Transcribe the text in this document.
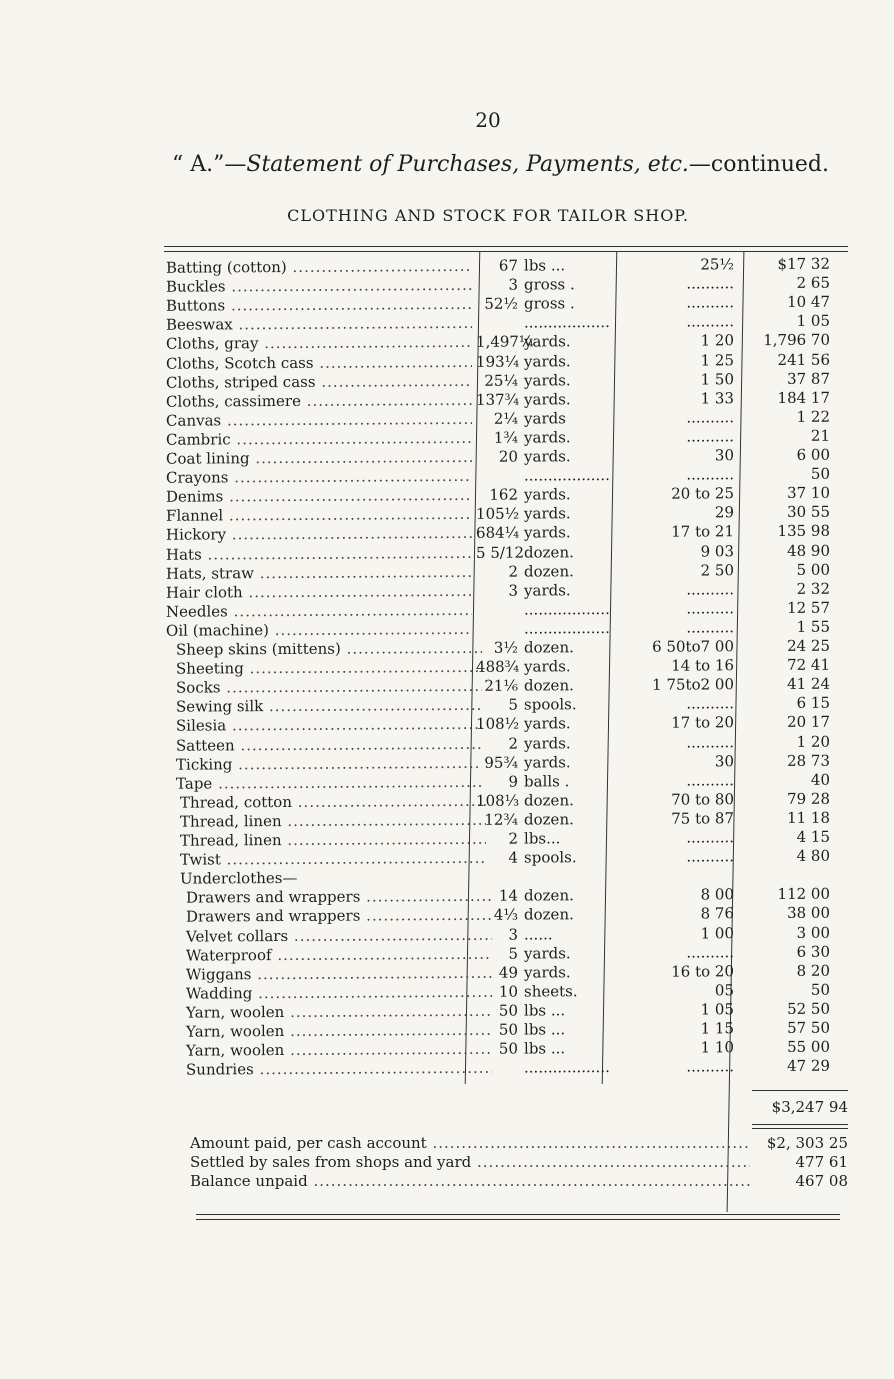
20
“ A.”—Statement of Purchases, Payments, etc.—continued.
CLOTHING AND STOCK FOR TAILOR SHOP.
Batting (cotton) .....	67 lbs ...	25½	$17 32
Buckles .....	3 gross .	..........	2 65
Buttons .....	52½ gross .	..........	10 47
Beeswax .....	..................	..........	1 05
Cloths, gray .....	1,497¼yards.	1 20	1,796 70
Cloths, Scotch cass .....	193¼ yards.	1 25	241 56
Cloths, striped cass .....	25¼ yards.	1 50	37 87
Cloths, cassimere .....	137¾ yards.	1 33	184 17
Canvas .....	2¼ yards	..........	1 22
Cambric .....	1¾ yards.	..........	21
Coat lining .....	20 yards.	30	6 00
Crayons .....	..................	..........	50
Denims .....	162 yards.	20 to 25	37 10
Flannel .....	105½ yards.	29	30 55
Hickory .....	684¼ yards.	17 to 21	135 98
Hats .....	5 5/12dozen.	9 03	48 90
Hats, straw .....	2 dozen.	2 50	5 00
Hair cloth .....	3 yards.	..........	2 32
Needles .....	..................	..........	12 57
Oil (machine) .....	..................	..........	1 55
Sheep skins (mittens) .....	3½ dozen.	6 50to7 00	24 25
Sheeting .....	488¾ yards.	14 to 16	72 41
Socks .....	21⅙ dozen.	1 75to2 00	41 24
Sewing silk .....	5 spools.	..........	6 15
Silesia .....	108½ yards.	17 to 20	20 17
Satteen .....	2 yards.	..........	1 20
Ticking .....	95¾ yards.	30	28 73
Tape .....	9 balls .	..........	40
Thread, cotton .....	108⅓ dozen.	70 to 80	79 28
Thread, linen .....	12¾ dozen.	75 to 87	11 18
Thread, linen .....	2 lbs...	..........	4 15
Twist .....	4 spools.	..........	4 80
Underclothes—
Drawers and wrappers .....	14 dozen.	8 00	112 00
Drawers and wrappers .....	4⅓ dozen.	8 76	38 00
Velvet collars .....	3 ......	1 00	3 00
Waterproof .....	5 yards.	..........	6 30
Wiggans .....	49 yards.	16 to 20	8 20
Wadding .....	10 sheets.	05	50
Yarn, woolen .....	50 lbs ...	1 05	52 50
Yarn, woolen .....	50 lbs ...	1 15	57 50
Yarn, woolen .....	50 lbs ...	1 10	55 00
Sundries .....	..................	..........	47 29
$3,247 94
Amount paid, per cash account .....	$2, 303 25
Settled by sales from shops and yard .....	477 61
Balance unpaid .....	467 08
